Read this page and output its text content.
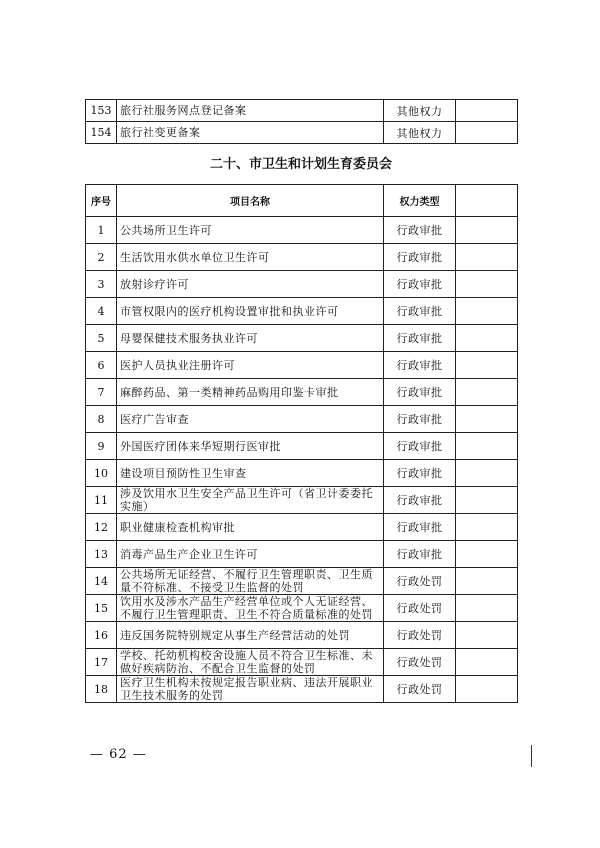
153	旅行社服务网点登记备案	其他权力	
154	旅行社变更备案	其他权力	
二十、市卫生和计划生育委员会
序号	项目名称	权力类型	
1	公共场所卫生许可	行政审批	
2	生活饮用水供水单位卫生许可	行政审批	
3	放射诊疗许可	行政审批	
4	市管权限内的医疗机构设置审批和执业许可	行政审批	
5	母婴保健技术服务执业许可	行政审批	
6	医护人员执业注册许可	行政审批	
7	麻醉药品、第一类精神药品购用印鉴卡审批	行政审批	
8	医疗广告审查	行政审批	
9	外国医疗团体来华短期行医审批	行政审批	
10	建设项目预防性卫生审查	行政审批	
11	涉及饮用水卫生安全产品卫生许可（省卫计委委托实施）	行政审批	
12	职业健康检查机构审批	行政审批	
13	消毒产品生产企业卫生许可	行政审批	
14	公共场所无证经营、不履行卫生管理职责、卫生质量不符标准、不接受卫生监督的处罚	行政处罚	
15	饮用水及涉水产品生产经营单位或个人无证经营、不履行卫生管理职责、卫生不符合质量标准的处罚	行政处罚	
16	违反国务院特别规定从事生产经营活动的处罚	行政处罚	
17	学校、托幼机构校舍设施人员不符合卫生标准、未做好疾病防治、不配合卫生监督的处罚	行政处罚	
18	医疗卫生机构未按规定报告职业病、违法开展职业卫生技术服务的处罚	行政处罚	
— 62 —
